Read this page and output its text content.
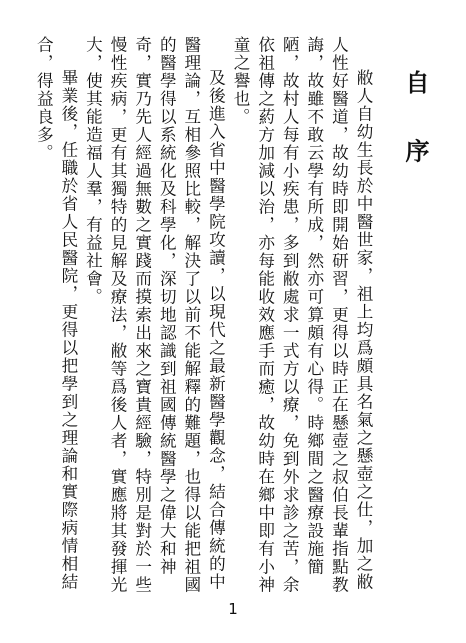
自 序

敝人自幼生長於中醫世家，祖上均爲頗具名氣之懸壺之仕，加之敝人性好醫道，故幼時即開始研習，更得以時正在懸壺之叔伯長輩指點教誨，故雖不敢云學有所成，然亦可算頗有心得。時鄉間之醫療設施簡陋，故村人每有小疾患，多到敝處求一式方以療，免到外求診之苦，余依祖傳之葯方加減以治，亦每能收效應手而癒，故幼時在鄉中即有小神童之譽也。

及後進入省中醫學院攻讀，以現代之最新醫學觀念，結合傳統的中醫理論，互相參照比較，解決了以前不能解釋的難題，也得以能把祖國的醫學得以系統化及科學化，深切地認識到祖國傳統醫學之偉大和神奇，實乃先人經過無數之實踐而摸索出來之寶貴經驗，特別是對於一些慢性疾病，更有其獨特的見解及療法，敝等爲後人者，實應將其發揮光大，使其能造福人羣，有益社會。

畢業後，任職於省人民醫院，更得以把學到之理論和實際病情相結合，得益良多。

1
